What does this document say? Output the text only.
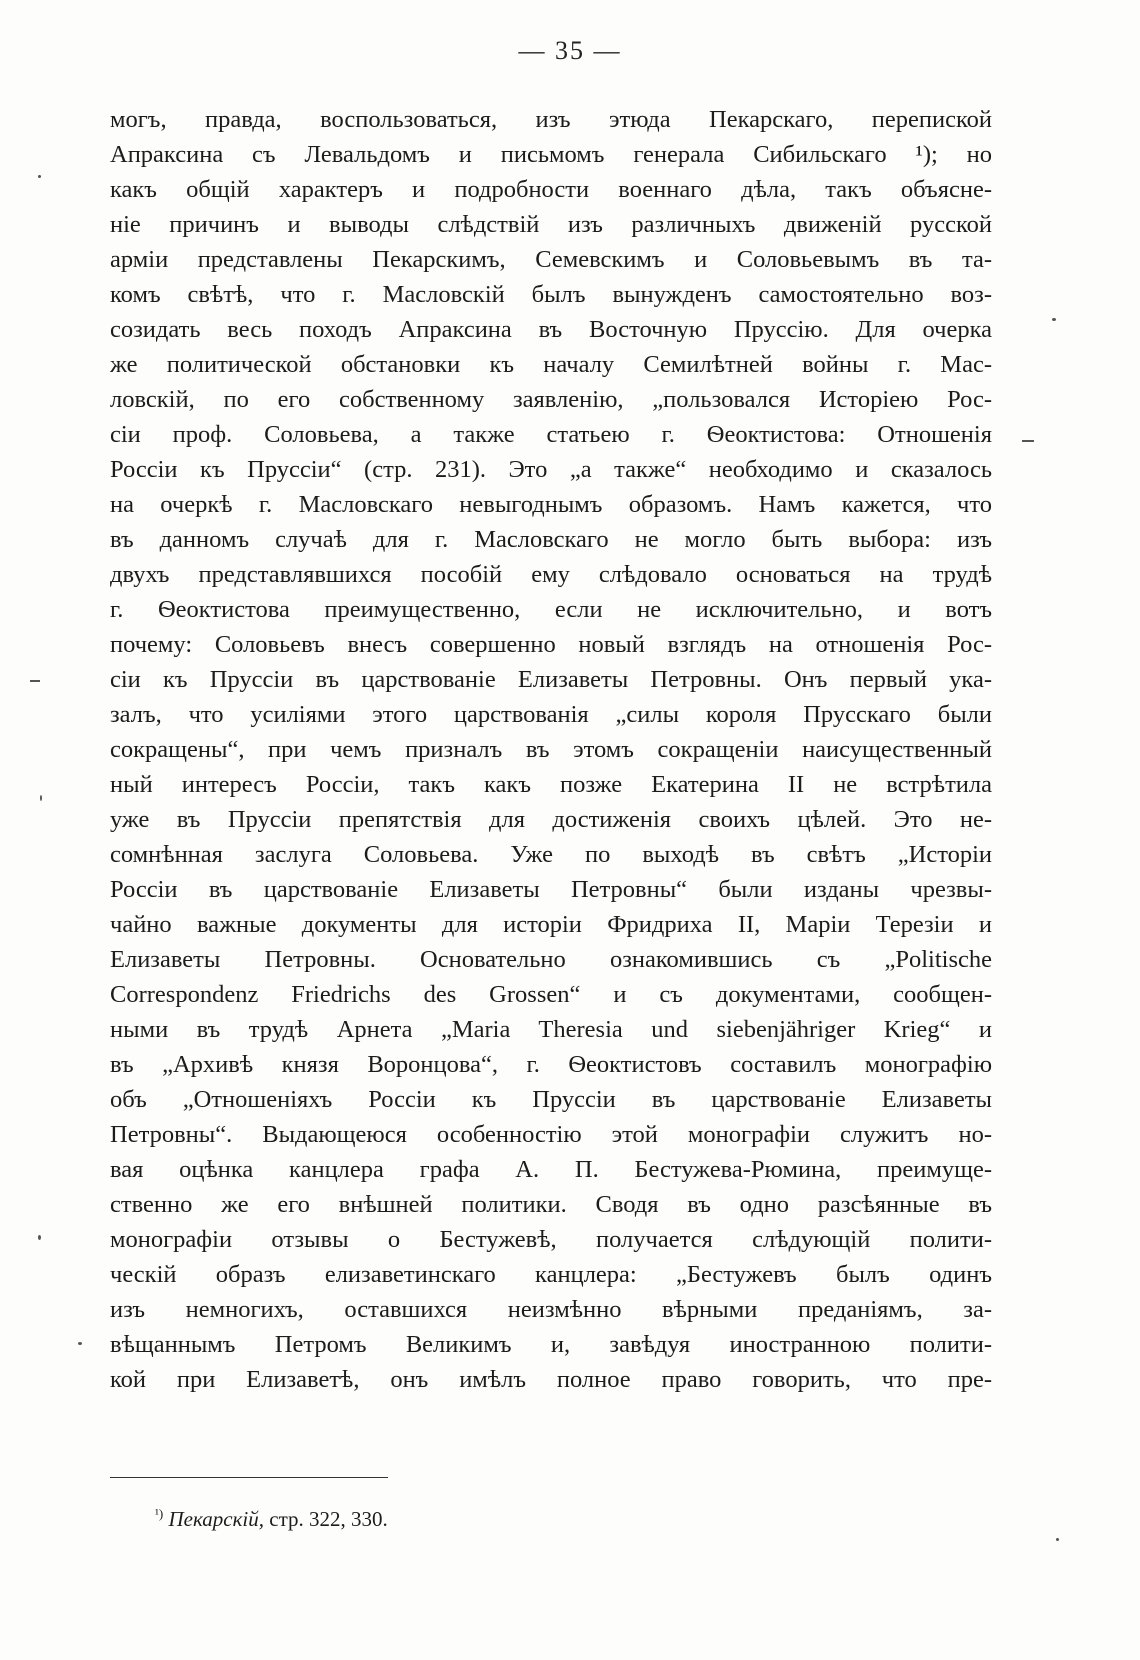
— 35 —
могъ, правда, воспользоваться, изъ этюда Пекарскаго, перепиской
Апраксина съ Левальдомъ и письмомъ генерала Сибильскаго ¹); но
какъ общій характеръ и подробности военнаго дѣла, такъ объясне-
ніе причинъ и выводы слѣдствій изъ различныхъ движеній русской
арміи представлены Пекарскимъ, Семевскимъ и Соловьевымъ въ та-
комъ свѣтѣ, что г. Масловскій былъ вынужденъ самостоятельно воз-
созидать весь походъ Апраксина въ Восточную Пруссію. Для очерка
же политической обстановки къ началу Семилѣтней войны г. Мас-
ловскій, по его собственному заявленію, „пользовался Исторіею Рос-
сіи проф. Соловьева, а также статьею г. Ѳеоктистова: Отношенія
Россіи къ Пруссіи“ (стр. 231). Это „а также“ необходимо и сказалось
на очеркѣ г. Масловскаго невыгоднымъ образомъ. Намъ кажется, что
въ данномъ случаѣ для г. Масловскаго не могло быть выбора: изъ
двухъ представлявшихся пособій ему слѣдовало основаться на трудѣ
г. Ѳеоктистова преимущественно, если не исключительно, и вотъ
почему: Соловьевъ внесъ совершенно новый взглядъ на отношенія Рос-
сіи къ Пруссіи въ царствованіе Елизаветы Петровны. Онъ первый ука-
залъ, что усиліями этого царствованія „силы короля Прусскаго были
сокращены“, при чемъ призналъ въ этомъ сокращеніи наисущественный
ный интересъ Россіи, такъ какъ позже Екатерина II не встрѣтила
уже въ Пруссіи препятствія для достиженія своихъ цѣлей. Это не-
сомнѣнная заслуга Соловьева. Уже по выходѣ въ свѣтъ „Исторіи
Россіи въ царствованіе Елизаветы Петровны“ были изданы чрезвы-
чайно важные документы для исторіи Фридриха II, Маріи Терезіи и
Елизаветы Петровны. Основательно ознакомившись съ „Politische
Correspondenz Friedrichs des Grossen“ и съ документами, сообщен-
ными въ трудѣ Арнета „Maria Theresia und siebenjähriger Krieg“ и
въ „Архивѣ князя Воронцова“, г. Ѳеоктистовъ составилъ монографію
объ „Отношеніяхъ Россіи къ Пруссіи въ царствованіе Елизаветы
Петровны“. Выдающеюся особенностію этой монографіи служитъ но-
вая оцѣнка канцлера графа А. П. Бестужева-Рюмина, преимуще-
ственно же его внѣшней политики. Сводя въ одно разсѣянные въ
монографіи отзывы о Бестужевѣ, получается слѣдующій полити-
ческій образъ елизаветинскаго канцлера: „Бестужевъ былъ одинъ
изъ немногихъ, оставшихся неизмѣнно вѣрными преданіямъ, за-
вѣщаннымъ Петромъ Великимъ и, завѣдуя иностранною полити-
кой при Елизаветѣ, онъ имѣлъ полное право говорить, что пре-
$^{^1)}$ Пекарскій, стр. 322, 330.
